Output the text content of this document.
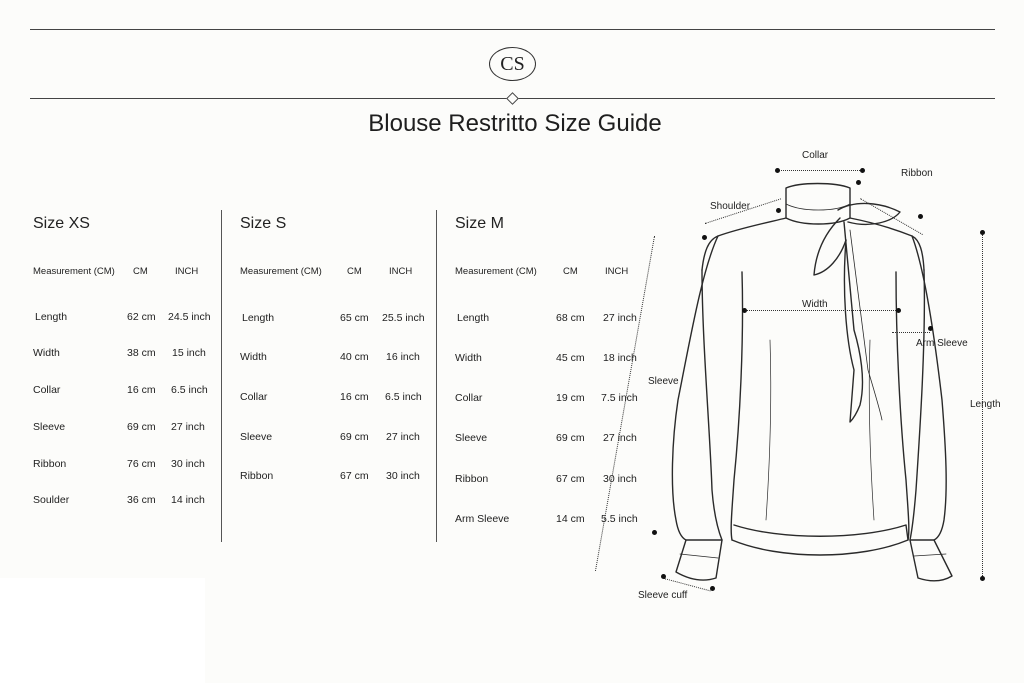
CS
Blouse Restritto Size Guide
Size XS
Measurement (CM) CM	INCH
Length	62 cm 24.5 inch
Width	38 cm 15 inch
Collar	16 cm 6.5 inch
Sleeve	69 cm 27 inch
Ribbon	76 cm 30 inch
Soulder	36 cm 14 inch
Size S
Measurement (CM)	CM	INCH
Length	65 cm 25.5 inch
Width	40 cm 16 inch
Collar	16 cm 6.5 inch
Sleeve	69 cm 27 inch
Ribbon	67 cm 30 inch
Size M
Measurement (CM)	CM	INCH
Length	68 cm 27 inch
Width	45 cm 18 inch
Collar	19 cm 7.5 inch
Sleeve	69 cm 27 inch
Ribbon	67 cm 30 inch
Arm Sleeve	14 cm 5.5 inch
Collar
Ribbon
Shoulder
Width
Arm Sleeve
Sleeve
Length
Sleeve cuff
